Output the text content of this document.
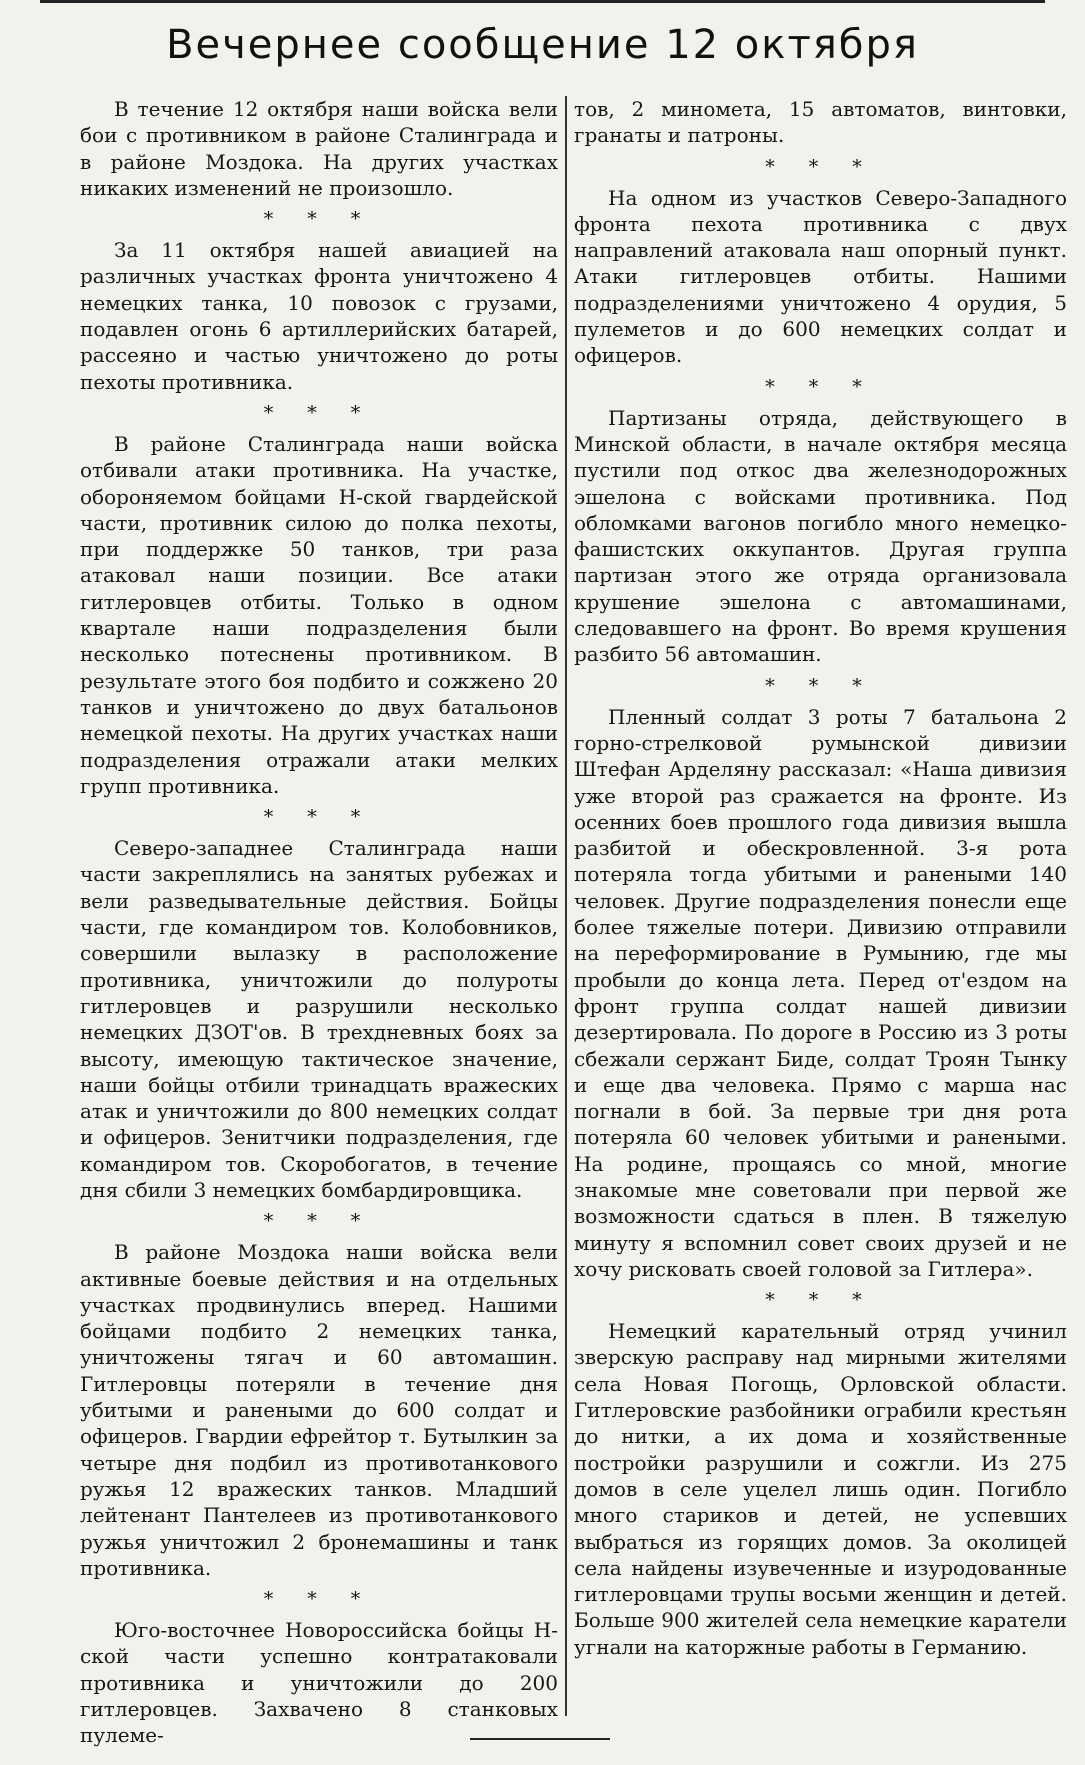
Вечернее сообщение 12 октября

В течение 12 октября наши войска вели бои с противником в районе Сталинграда и в районе Моздока. На других участках никаких изменений не произошло.

* * *

За 11 октября нашей авиацией на различных участках фронта уничтожено 4 немецких танка, 10 повозок с грузами, подавлен огонь 6 артиллерийских батарей, рассеяно и частью уничтожено до роты пехоты противника.

* * *

В районе Сталинграда наши войска отбивали атаки противника. На участке, обороняемом бойцами Н-ской гвардейской части, противник силою до полка пехоты, при поддержке 50 танков, три раза атаковал наши позиции. Все атаки гитлеровцев отбиты. Только в одном квартале наши подразделения были несколько потеснены противником. В результате этого боя подбито и сожжено 20 танков и уничтожено до двух батальонов немецкой пехоты. На других участках наши подразделения отражали атаки мелких групп противника.

* * *

Северо-западнее Сталинграда наши части закреплялись на занятых рубежах и вели разведывательные действия. Бойцы части, где командиром тов. Колобовников, совершили вылазку в расположение противника, уничтожили до полуроты гитлеровцев и разрушили несколько немецких ДЗОТ'ов. В трехдневных боях за высоту, имеющую тактическое значение, наши бойцы отбили тринадцать вражеских атак и уничтожили до 800 немецких солдат и офицеров. Зенитчики подразделения, где командиром тов. Скоробогатов, в течение дня сбили 3 немецких бомбардировщика.

* * *

В районе Моздока наши войска вели активные боевые действия и на отдельных участках продвинулись вперед. Нашими бойцами подбито 2 немецких танка, уничтожены тягач и 60 автомашин. Гитлеровцы потеряли в течение дня убитыми и ранеными до 600 солдат и офицеров. Гвардии ефрейтор т. Бутылкин за четыре дня подбил из противотанкового ружья 12 вражеских танков. Младший лейтенант Пантелеев из противотанкового ружья уничтожил 2 бронемашины и танк противника.

* * *

Юго-восточнее Новороссийска бойцы Н-ской части успешно контратаковали противника и уничтожили до 200 гитлеровцев. Захвачено 8 станковых пулеме-

тов, 2 миномета, 15 автоматов, винтовки, гранаты и патроны.

* * *

На одном из участков Северо-Западного фронта пехота противника с двух направлений атаковала наш опорный пункт. Атаки гитлеровцев отбиты. Нашими подразделениями уничтожено 4 орудия, 5 пулеметов и до 600 немецких солдат и офицеров.

* * *

Партизаны отряда, действующего в Минской области, в начале октября месяца пустили под откос два железнодорожных эшелона с войсками противника. Под обломками вагонов погибло много немецко-фашистских оккупантов. Другая группа партизан этого же отряда организовала крушение эшелона с автомашинами, следовавшего на фронт. Во время крушения разбито 56 автомашин.

* * *

Пленный солдат 3 роты 7 батальона 2 горно-стрелковой румынской дивизии Штефан Арделяну рассказал: «Наша дивизия уже второй раз сражается на фронте. Из осенних боев прошлого года дивизия вышла разбитой и обескровленной. 3-я рота потеряла тогда убитыми и ранеными 140 человек. Другие подразделения понесли еще более тяжелые потери. Дивизию отправили на переформирование в Румынию, где мы пробыли до конца лета. Перед от'ездом на фронт группа солдат нашей дивизии дезертировала. По дороге в Россию из 3 роты сбежали сержант Биде, солдат Троян Тынку и еще два человека. Прямо с марша нас погнали в бой. За первые три дня рота потеряла 60 человек убитыми и ранеными. На родине, прощаясь со мной, многие знакомые мне советовали при первой же возможности сдаться в плен. В тяжелую минуту я вспомнил совет своих друзей и не хочу рисковать своей головой за Гитлера».

* * *

Немецкий карательный отряд учинил зверскую расправу над мирными жителями села Новая Погощь, Орловской области. Гитлеровские разбойники ограбили крестьян до нитки, а их дома и хозяйственные постройки разрушили и сожгли. Из 275 домов в селе уцелел лишь один. Погибло много стариков и детей, не успевших выбраться из горящих домов. За околицей села найдены изувеченные и изуродованные гитлеровцами трупы восьми женщин и детей. Больше 900 жителей села немецкие каратели угнали на каторжные работы в Германию.
